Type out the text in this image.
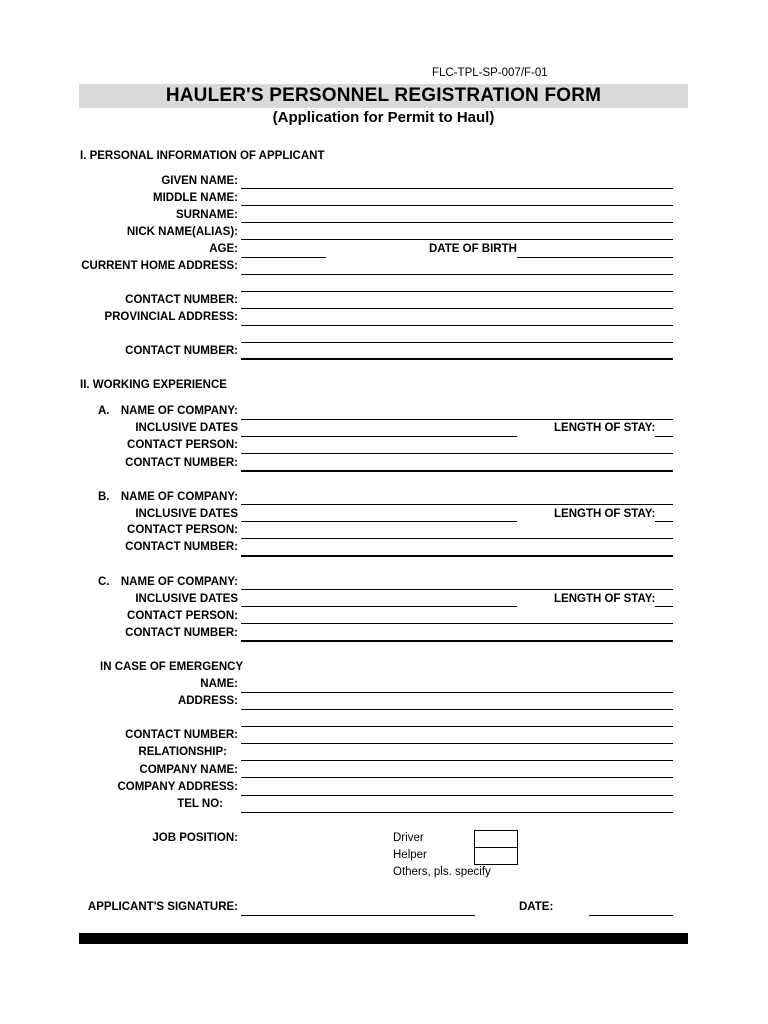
FLC-TPL-SP-007/F-01
HAULER'S PERSONNEL REGISTRATION FORM
(Application for Permit to Haul)
I. PERSONAL INFORMATION OF APPLICANT
GIVEN NAME:
MIDDLE NAME:
SURNAME:
NICK NAME(ALIAS):
AGE:	DATE OF BIRTH
CURRENT HOME ADDRESS:
CONTACT NUMBER:
PROVINCIAL ADDRESS:
CONTACT NUMBER:
II. WORKING EXPERIENCE
A. NAME OF COMPANY:
INCLUSIVE DATES	LENGTH OF STAY:
CONTACT PERSON:
CONTACT NUMBER:
B. NAME OF COMPANY:
INCLUSIVE DATES	LENGTH OF STAY:
CONTACT PERSON:
CONTACT NUMBER:
C. NAME OF COMPANY:
INCLUSIVE DATES	LENGTH OF STAY:
CONTACT PERSON:
CONTACT NUMBER:
IN CASE OF EMERGENCY
NAME:
ADDRESS:
CONTACT NUMBER:
RELATIONSHIP:
COMPANY NAME:
COMPANY ADDRESS:
TEL NO:
JOB POSITION:	Driver
Helper
Others, pls. specify
APPLICANT'S SIGNATURE:	DATE:
